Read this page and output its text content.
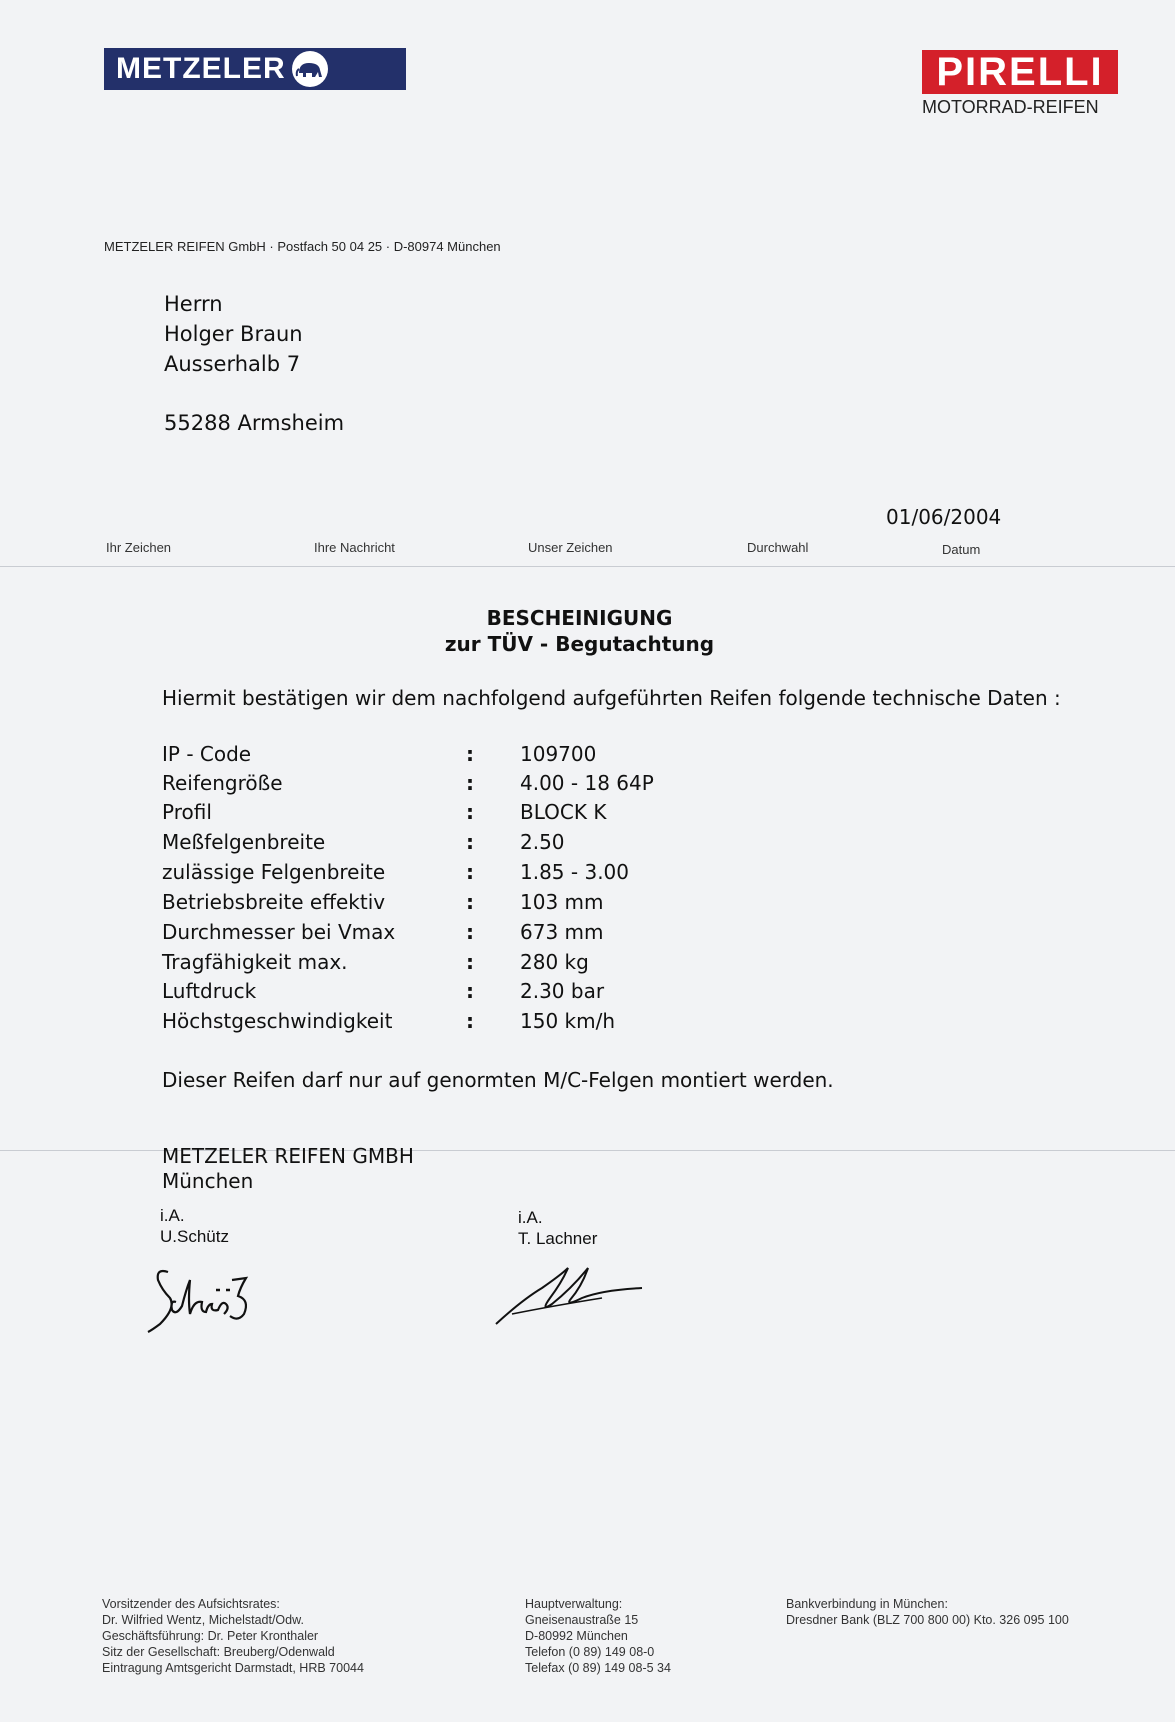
METZELER	PIRELLI
MOTORRAD-REIFEN
METZELER REIFEN GmbH · Postfach 50 04 25 · D-80974 München
Herrn
Holger Braun
Ausserhalb 7
55288 Armsheim
01/06/2004
Ihr Zeichen	Ihre Nachricht	Unser Zeichen	Durchwahl	Datum
BESCHEINIGUNG
zur TÜV - Begutachtung
Hiermit bestätigen wir dem nachfolgend aufgeführten Reifen folgende technische Daten :
IP - Code	: 109700
Reifengröße	: 4.00 - 18 64P
Profil	: BLOCK K
Meßfelgenbreite	: 2.50
zulässige Felgenbreite	: 1.85 - 3.00
Betriebsbreite effektiv	: 103 mm
Durchmesser bei Vmax	: 673 mm
Tragfähigkeit max.	: 280 kg
Luftdruck	: 2.30 bar
Höchstgeschwindigkeit	: 150 km/h
Dieser Reifen darf nur auf genormten M/C-Felgen montiert werden.
METZELER REIFEN GMBH
München
i.A.
U.Schütz
i.A.
T. Lachner
Vorsitzender des Aufsichtsrates:
Dr. Wilfried Wentz, Michelstadt/Odw.
Geschäftsführung: Dr. Peter Kronthaler
Sitz der Gesellschaft: Breuberg/Odenwald
Eintragung Amtsgericht Darmstadt, HRB 70044
Hauptverwaltung:
Gneisenaustraße 15
D-80992 München
Telefon (0 89) 149 08-0
Telefax (0 89) 149 08-5 34
Bankverbindung in München:
Dresdner Bank (BLZ 700 800 00) Kto. 326 095 100
